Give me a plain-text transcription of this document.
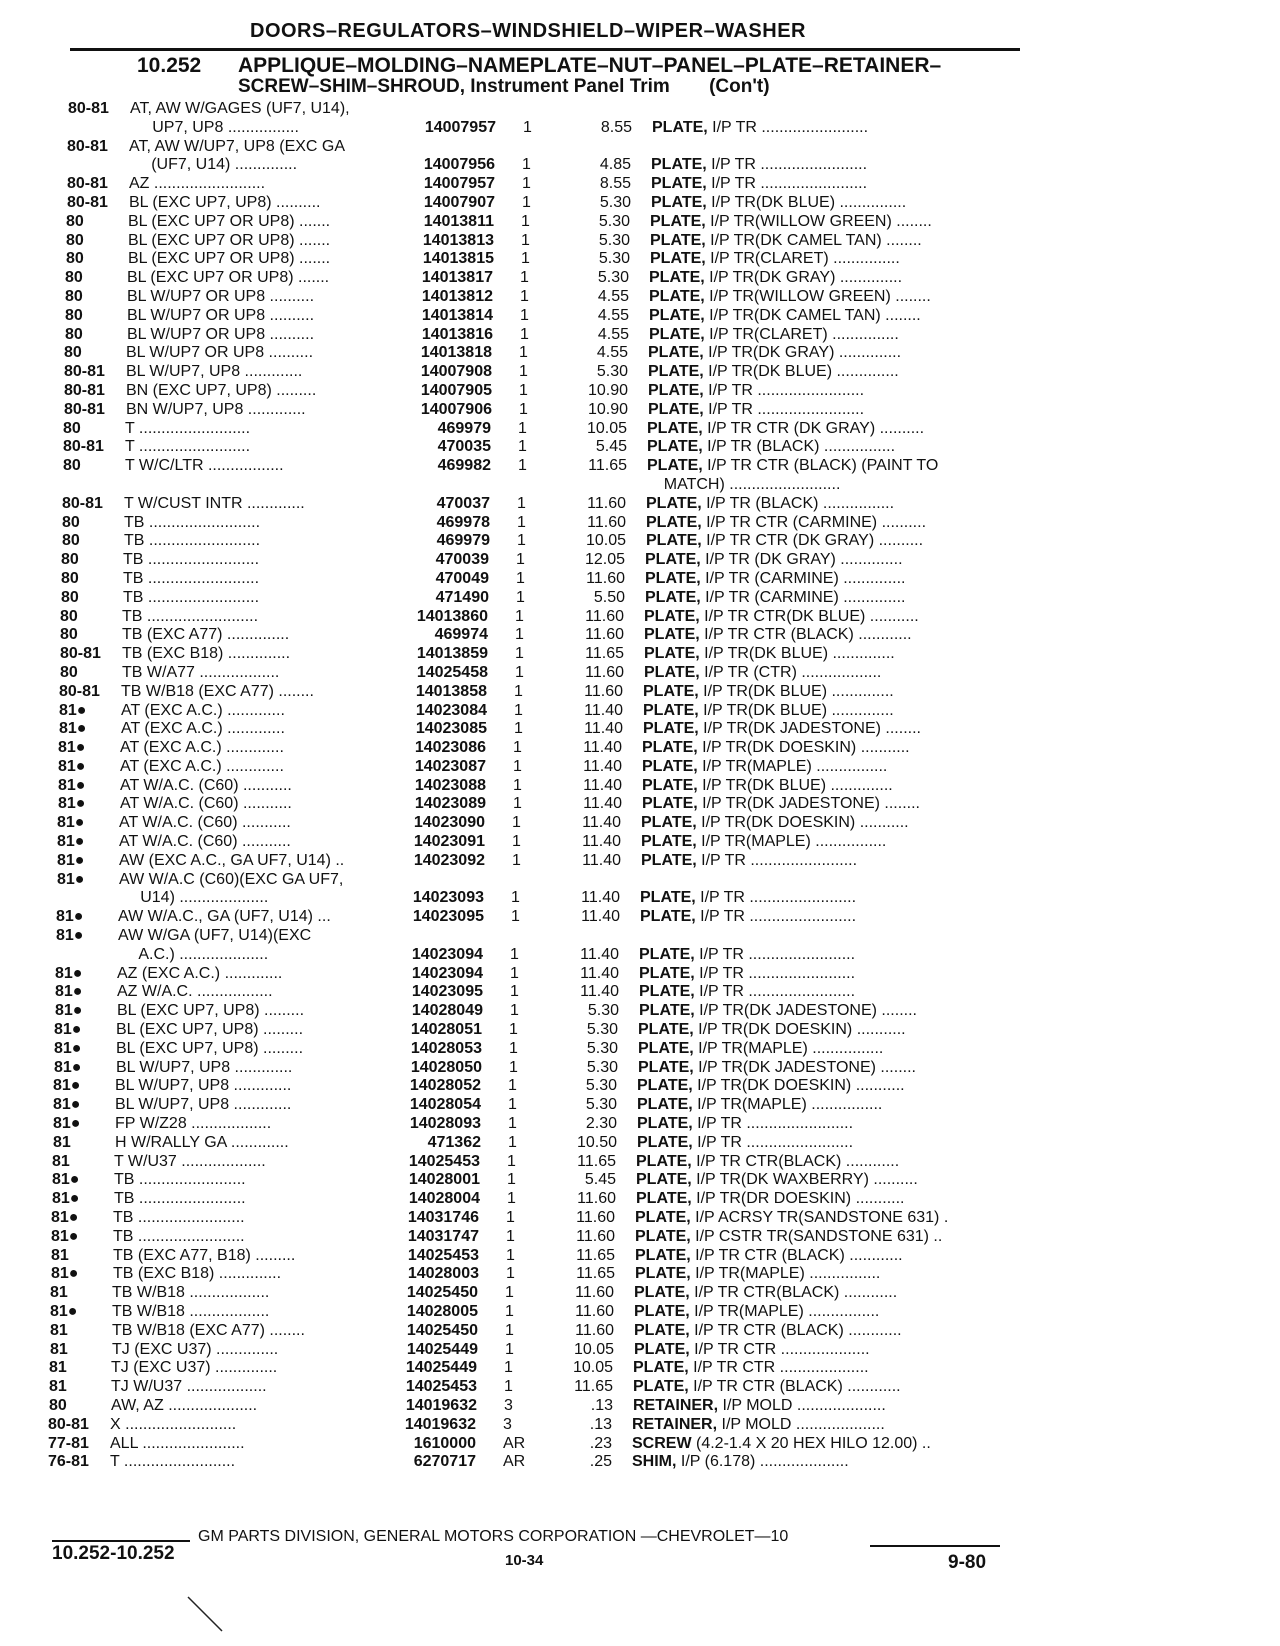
DOORS–REGULATORS–WINDSHIELD–WIPER–WASHER
10.252 APPLIQUE–MOLDING–NAMEPLATE–NUT–PANEL–PLATE–RETAINER–
SCREW–SHIM–SHROUD, Instrument Panel Trim (Con't)
80-81	AT, AW W/GAGES (UF7, U14),
UP7, UP8 ................	14007957 1	8.55 PLATE, I/P TR ........................
80-81	AT, AW W/UP7, UP8 (EXC GA
(UF7, U14) ..............	14007956 1	4.85 PLATE, I/P TR ........................
80-81	AZ .........................	14007957 1	8.55 PLATE, I/P TR ........................
80-81	BL (EXC UP7, UP8) ..........	14007907 1	5.30 PLATE, I/P TR(DK BLUE) ...............
80	BL (EXC UP7 OR UP8) .......	14013811 1	5.30 PLATE, I/P TR(WILLOW GREEN) ........
80	BL (EXC UP7 OR UP8) .......	14013813 1	5.30 PLATE, I/P TR(DK CAMEL TAN) ........
80	BL (EXC UP7 OR UP8) .......	14013815 1	5.30 PLATE, I/P TR(CLARET) ...............
80	BL (EXC UP7 OR UP8) .......	14013817 1	5.30 PLATE, I/P TR(DK GRAY) ..............
80	BL W/UP7 OR UP8 ..........	14013812 1	4.55 PLATE, I/P TR(WILLOW GREEN) ........
80	BL W/UP7 OR UP8 ..........	14013814 1	4.55 PLATE, I/P TR(DK CAMEL TAN) ........
80	BL W/UP7 OR UP8 ..........	14013816 1	4.55 PLATE, I/P TR(CLARET) ...............
80	BL W/UP7 OR UP8 ..........	14013818 1	4.55 PLATE, I/P TR(DK GRAY) ..............
80-81	BL W/UP7, UP8 .............	14007908 1	5.30 PLATE, I/P TR(DK BLUE) ..............
80-81	BN (EXC UP7, UP8) .........	14007905 1	10.90 PLATE, I/P TR ........................
80-81	BN W/UP7, UP8 .............	14007906 1	10.90 PLATE, I/P TR ........................
80	T .........................	469979 1	10.05 PLATE, I/P TR CTR (DK GRAY) ..........
80-81	T .........................	470035 1	5.45 PLATE, I/P TR (BLACK) ................
80	T W/C/LTR .................	469982 1	11.65 PLATE, I/P TR CTR (BLACK) (PAINT TO
MATCH) .........................
80-81	T W/CUST INTR .............	470037 1	11.60 PLATE, I/P TR (BLACK) ................
80	TB .........................	469978 1	11.60 PLATE, I/P TR CTR (CARMINE) ..........
80	TB .........................	469979 1	10.05 PLATE, I/P TR CTR (DK GRAY) ..........
80	TB .........................	470039 1	12.05 PLATE, I/P TR (DK GRAY) ..............
80	TB .........................	470049 1	11.60 PLATE, I/P TR (CARMINE) ..............
80	TB .........................	471490 1	5.50 PLATE, I/P TR (CARMINE) ..............
80	TB .........................	14013860 1	11.60 PLATE, I/P TR CTR(DK BLUE) ...........
80	TB (EXC A77) ..............	469974 1	11.60 PLATE, I/P TR CTR (BLACK) ............
80-81	TB (EXC B18) ..............	14013859 1	11.65 PLATE, I/P TR(DK BLUE) ..............
80	TB W/A77 ..................	14025458 1	11.60 PLATE, I/P TR (CTR) ..................
80-81	TB W/B18 (EXC A77) ........	14013858 1	11.60 PLATE, I/P TR(DK BLUE) ..............
81●	AT (EXC A.C.) .............	14023084 1	11.40 PLATE, I/P TR(DK BLUE) ..............
81●	AT (EXC A.C.) .............	14023085 1	11.40 PLATE, I/P TR(DK JADESTONE) ........
81●	AT (EXC A.C.) .............	14023086 1	11.40 PLATE, I/P TR(DK DOESKIN) ...........
81●	AT (EXC A.C.) .............	14023087 1	11.40 PLATE, I/P TR(MAPLE) ................
81●	AT W/A.C. (C60) ...........	14023088 1	11.40 PLATE, I/P TR(DK BLUE) ..............
81●	AT W/A.C. (C60) ...........	14023089 1	11.40 PLATE, I/P TR(DK JADESTONE) ........
81●	AT W/A.C. (C60) ...........	14023090 1	11.40 PLATE, I/P TR(DK DOESKIN) ...........
81●	AT W/A.C. (C60) ...........	14023091 1	11.40 PLATE, I/P TR(MAPLE) ................
81●	AW (EXC A.C., GA UF7, U14) ..	14023092 1	11.40 PLATE, I/P TR ........................
81●	AW W/A.C (C60)(EXC GA UF7,
U14) ....................	14023093 1	11.40 PLATE, I/P TR ........................
81●	AW W/A.C., GA (UF7, U14) ...	14023095 1	11.40 PLATE, I/P TR ........................
81●	AW W/GA (UF7, U14)(EXC
A.C.) ....................	14023094 1	11.40 PLATE, I/P TR ........................
81●	AZ (EXC A.C.) .............	14023094 1	11.40 PLATE, I/P TR ........................
81●	AZ W/A.C. .................	14023095 1	11.40 PLATE, I/P TR ........................
81●	BL (EXC UP7, UP8) .........	14028049 1	5.30 PLATE, I/P TR(DK JADESTONE) ........
81●	BL (EXC UP7, UP8) .........	14028051 1	5.30 PLATE, I/P TR(DK DOESKIN) ...........
81●	BL (EXC UP7, UP8) .........	14028053 1	5.30 PLATE, I/P TR(MAPLE) ................
81●	BL W/UP7, UP8 .............	14028050 1	5.30 PLATE, I/P TR(DK JADESTONE) ........
81●	BL W/UP7, UP8 .............	14028052 1	5.30 PLATE, I/P TR(DK DOESKIN) ...........
81●	BL W/UP7, UP8 .............	14028054 1	5.30 PLATE, I/P TR(MAPLE) ................
81●	FP W/Z28 ..................	14028093 1	2.30 PLATE, I/P TR ........................
81	H W/RALLY GA .............	471362 1	10.50 PLATE, I/P TR ........................
81	T W/U37 ...................	14025453 1	11.65 PLATE, I/P TR CTR(BLACK) ............
81●	TB ........................	14028001 1	5.45 PLATE, I/P TR(DK WAXBERRY) ..........
81●	TB ........................	14028004 1	11.60 PLATE, I/P TR(DR DOESKIN) ...........
81●	TB ........................	14031746 1	11.60 PLATE, I/P ACRSY TR(SANDSTONE 631) .
81●	TB ........................	14031747 1	11.60 PLATE, I/P CSTR TR(SANDSTONE 631) ..
81	TB (EXC A77, B18) .........	14025453 1	11.65 PLATE, I/P TR CTR (BLACK) ............
81●	TB (EXC B18) ..............	14028003 1	11.65 PLATE, I/P TR(MAPLE) ................
81	TB W/B18 ..................	14025450 1	11.60 PLATE, I/P TR CTR(BLACK) ............
81●	TB W/B18 ..................	14028005 1	11.60 PLATE, I/P TR(MAPLE) ................
81	TB W/B18 (EXC A77) ........	14025450 1	11.60 PLATE, I/P TR CTR (BLACK) ............
81	TJ (EXC U37) ..............	14025449 1	10.05 PLATE, I/P TR CTR ....................
81	TJ (EXC U37) ..............	14025449 1	10.05 PLATE, I/P TR CTR ....................
81	TJ W/U37 ..................	14025453 1	11.65 PLATE, I/P TR CTR (BLACK) ............
80	AW, AZ ....................	14019632 3	.13 RETAINER, I/P MOLD ....................
80-81	X .........................	14019632 3	.13 RETAINER, I/P MOLD ....................
77-81	ALL .......................	1610000 AR	.23 SCREW (4.2-1.4 X 20 HEX HILO 12.00) ..
76-81	T .........................	6270717 AR	.25 SHIM, I/P (6.178) ....................
GM PARTS DIVISION, GENERAL MOTORS CORPORATION —CHEVROLET—10
10.252-10.252	10-34	9-80
